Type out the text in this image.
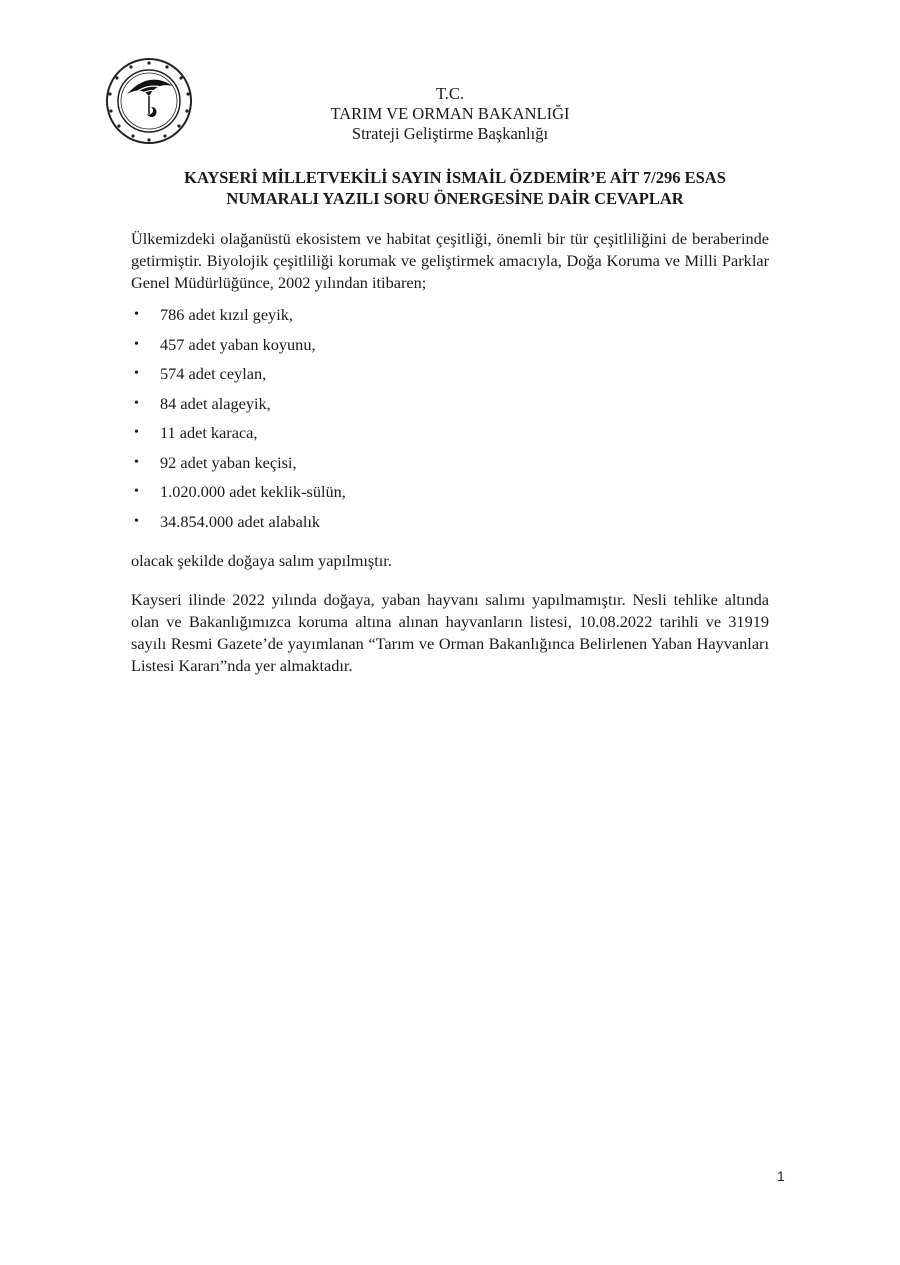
T.C.
TARIM VE ORMAN BAKANLIĞI
Strateji Geliştirme Başkanlığı
KAYSERİ MİLLETVEKİLİ SAYIN İSMAİL ÖZDEMİR’E AİT 7/296 ESAS
NUMARALI YAZILI SORU ÖNERGESİNE DAİR CEVAPLAR
Ülkemizdeki olağanüstü ekosistem ve habitat çeşitliği, önemli bir tür çeşitliliğini de beraberinde getirmiştir. Biyolojik çeşitliliği korumak ve geliştirmek amacıyla, Doğa Koruma ve Milli Parklar Genel Müdürlüğünce, 2002 yılından itibaren;
• 786 adet kızıl geyik,
• 457 adet yaban koyunu,
• 574 adet ceylan,
• 84 adet alageyik,
• 11 adet karaca,
• 92 adet yaban keçisi,
• 1.020.000 adet keklik-sülün,
• 34.854.000 adet alabalık
olacak şekilde doğaya salım yapılmıştır.
Kayseri ilinde 2022 yılında doğaya, yaban hayvanı salımı yapılmamıştır. Nesli tehlike altında olan ve Bakanlığımızca koruma altına alınan hayvanların listesi, 10.08.2022 tarihli ve 31919 sayılı Resmi Gazete’de yayımlanan “Tarım ve Orman Bakanlığınca Belirlenen Yaban Hayvanları Listesi Kararı”nda yer almaktadır.
1
